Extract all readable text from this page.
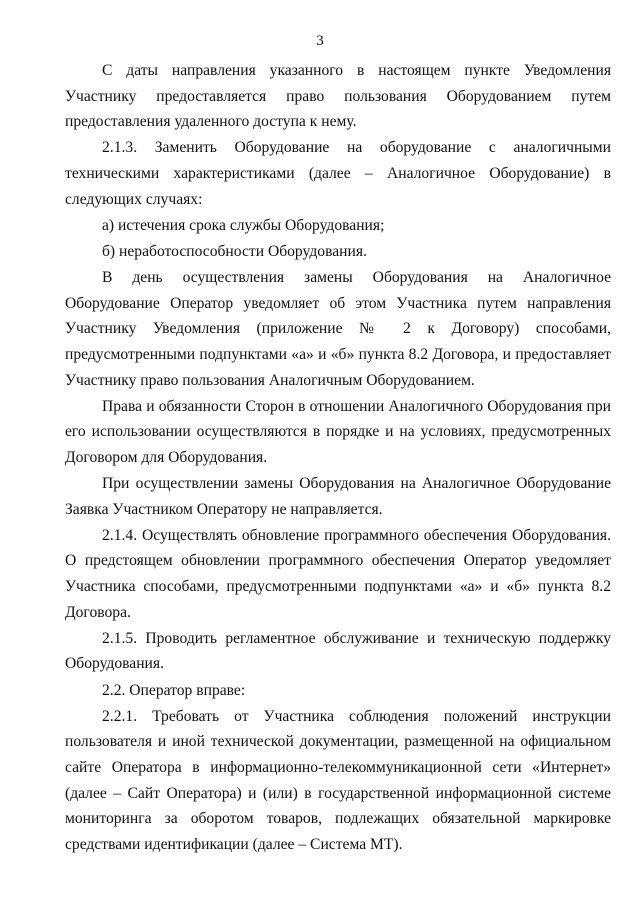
3

С даты направления указанного в настоящем пункте Уведомления Участнику предоставляется право пользования Оборудованием путем предоставления удаленного доступа к нему.

2.1.3. Заменить Оборудование на оборудование с аналогичными техническими характеристиками (далее – Аналогичное Оборудование) в следующих случаях:

а) истечения срока службы Оборудования;

б) неработоспособности Оборудования.

В день осуществления замены Оборудования на Аналогичное Оборудование Оператор уведомляет об этом Участника путем направления Участнику Уведомления (приложение № 2 к Договору) способами, предусмотренными подпунктами «а» и «б» пункта 8.2 Договора, и предоставляет Участнику право пользования Аналогичным Оборудованием.

Права и обязанности Сторон в отношении Аналогичного Оборудования при его использовании осуществляются в порядке и на условиях, предусмотренных Договором для Оборудования.

При осуществлении замены Оборудования на Аналогичное Оборудование Заявка Участником Оператору не направляется.

2.1.4. Осуществлять обновление программного обеспечения Оборудования. О предстоящем обновлении программного обеспечения Оператор уведомляет Участника способами, предусмотренными подпунктами «а» и «б» пункта 8.2 Договора.

2.1.5. Проводить регламентное обслуживание и техническую поддержку Оборудования.

2.2. Оператор вправе:

2.2.1. Требовать от Участника соблюдения положений инструкции пользователя и иной технической документации, размещенной на официальном сайте Оператора в информационно-телекоммуникационной сети «Интернет» (далее – Сайт Оператора) и (или) в государственной информационной системе мониторинга за оборотом товаров, подлежащих обязательной маркировке средствами идентификации (далее – Система МТ).
